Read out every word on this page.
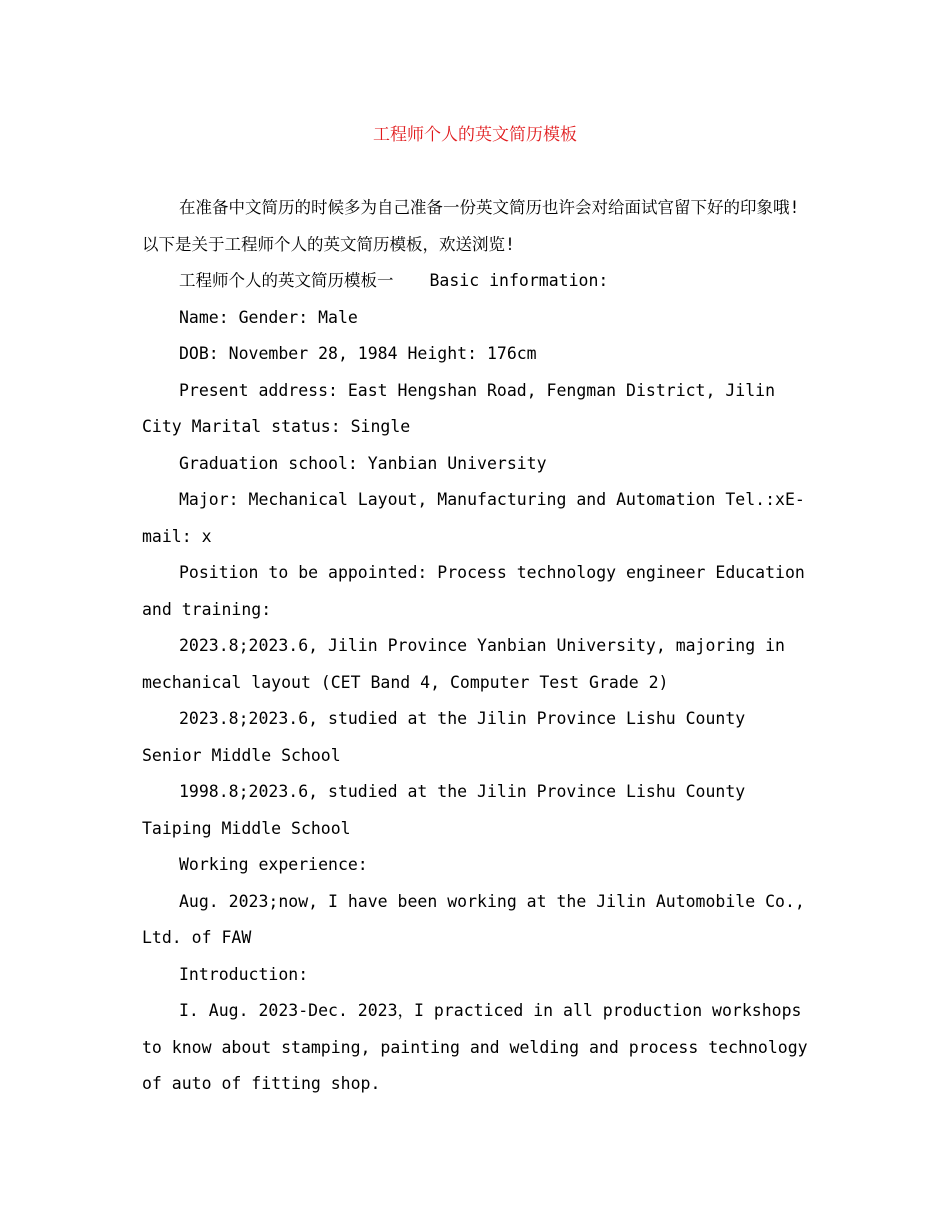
工程师个人的英文简历模板

在准备中文简历的时候多为自己准备一份英文简历也许会对给面试官留下好的印象哦!以下是关于工程师个人的英文简历模板，欢送浏览!

工程师个人的英文简历模板一 Basic information:

Name: Gender: Male

DOB: November 28, 1984 Height: 176cm

Present address: East Hengshan Road, Fengman District, Jilin City Marital status: Single

Graduation school: Yanbian University

Major: Mechanical Layout, Manufacturing and Automation Tel.:xE-mail: x

Position to be appointed: Process technology engineer Education and training:

2023.8;2023.6, Jilin Province Yanbian University, majoring in mechanical layout (CET Band 4, Computer Test Grade 2)

2023.8;2023.6, studied at the Jilin Province Lishu County Senior Middle School

1998.8;2023.6, studied at the Jilin Province Lishu County Taiping Middle School

Working experience:

Aug. 2023;now, I have been working at the Jilin Automobile Co., Ltd. of FAW

Introduction:

I. Aug. 2023-Dec. 2023，I practiced in all production workshops to know about stamping, painting and welding and process technology of auto of fitting shop.
